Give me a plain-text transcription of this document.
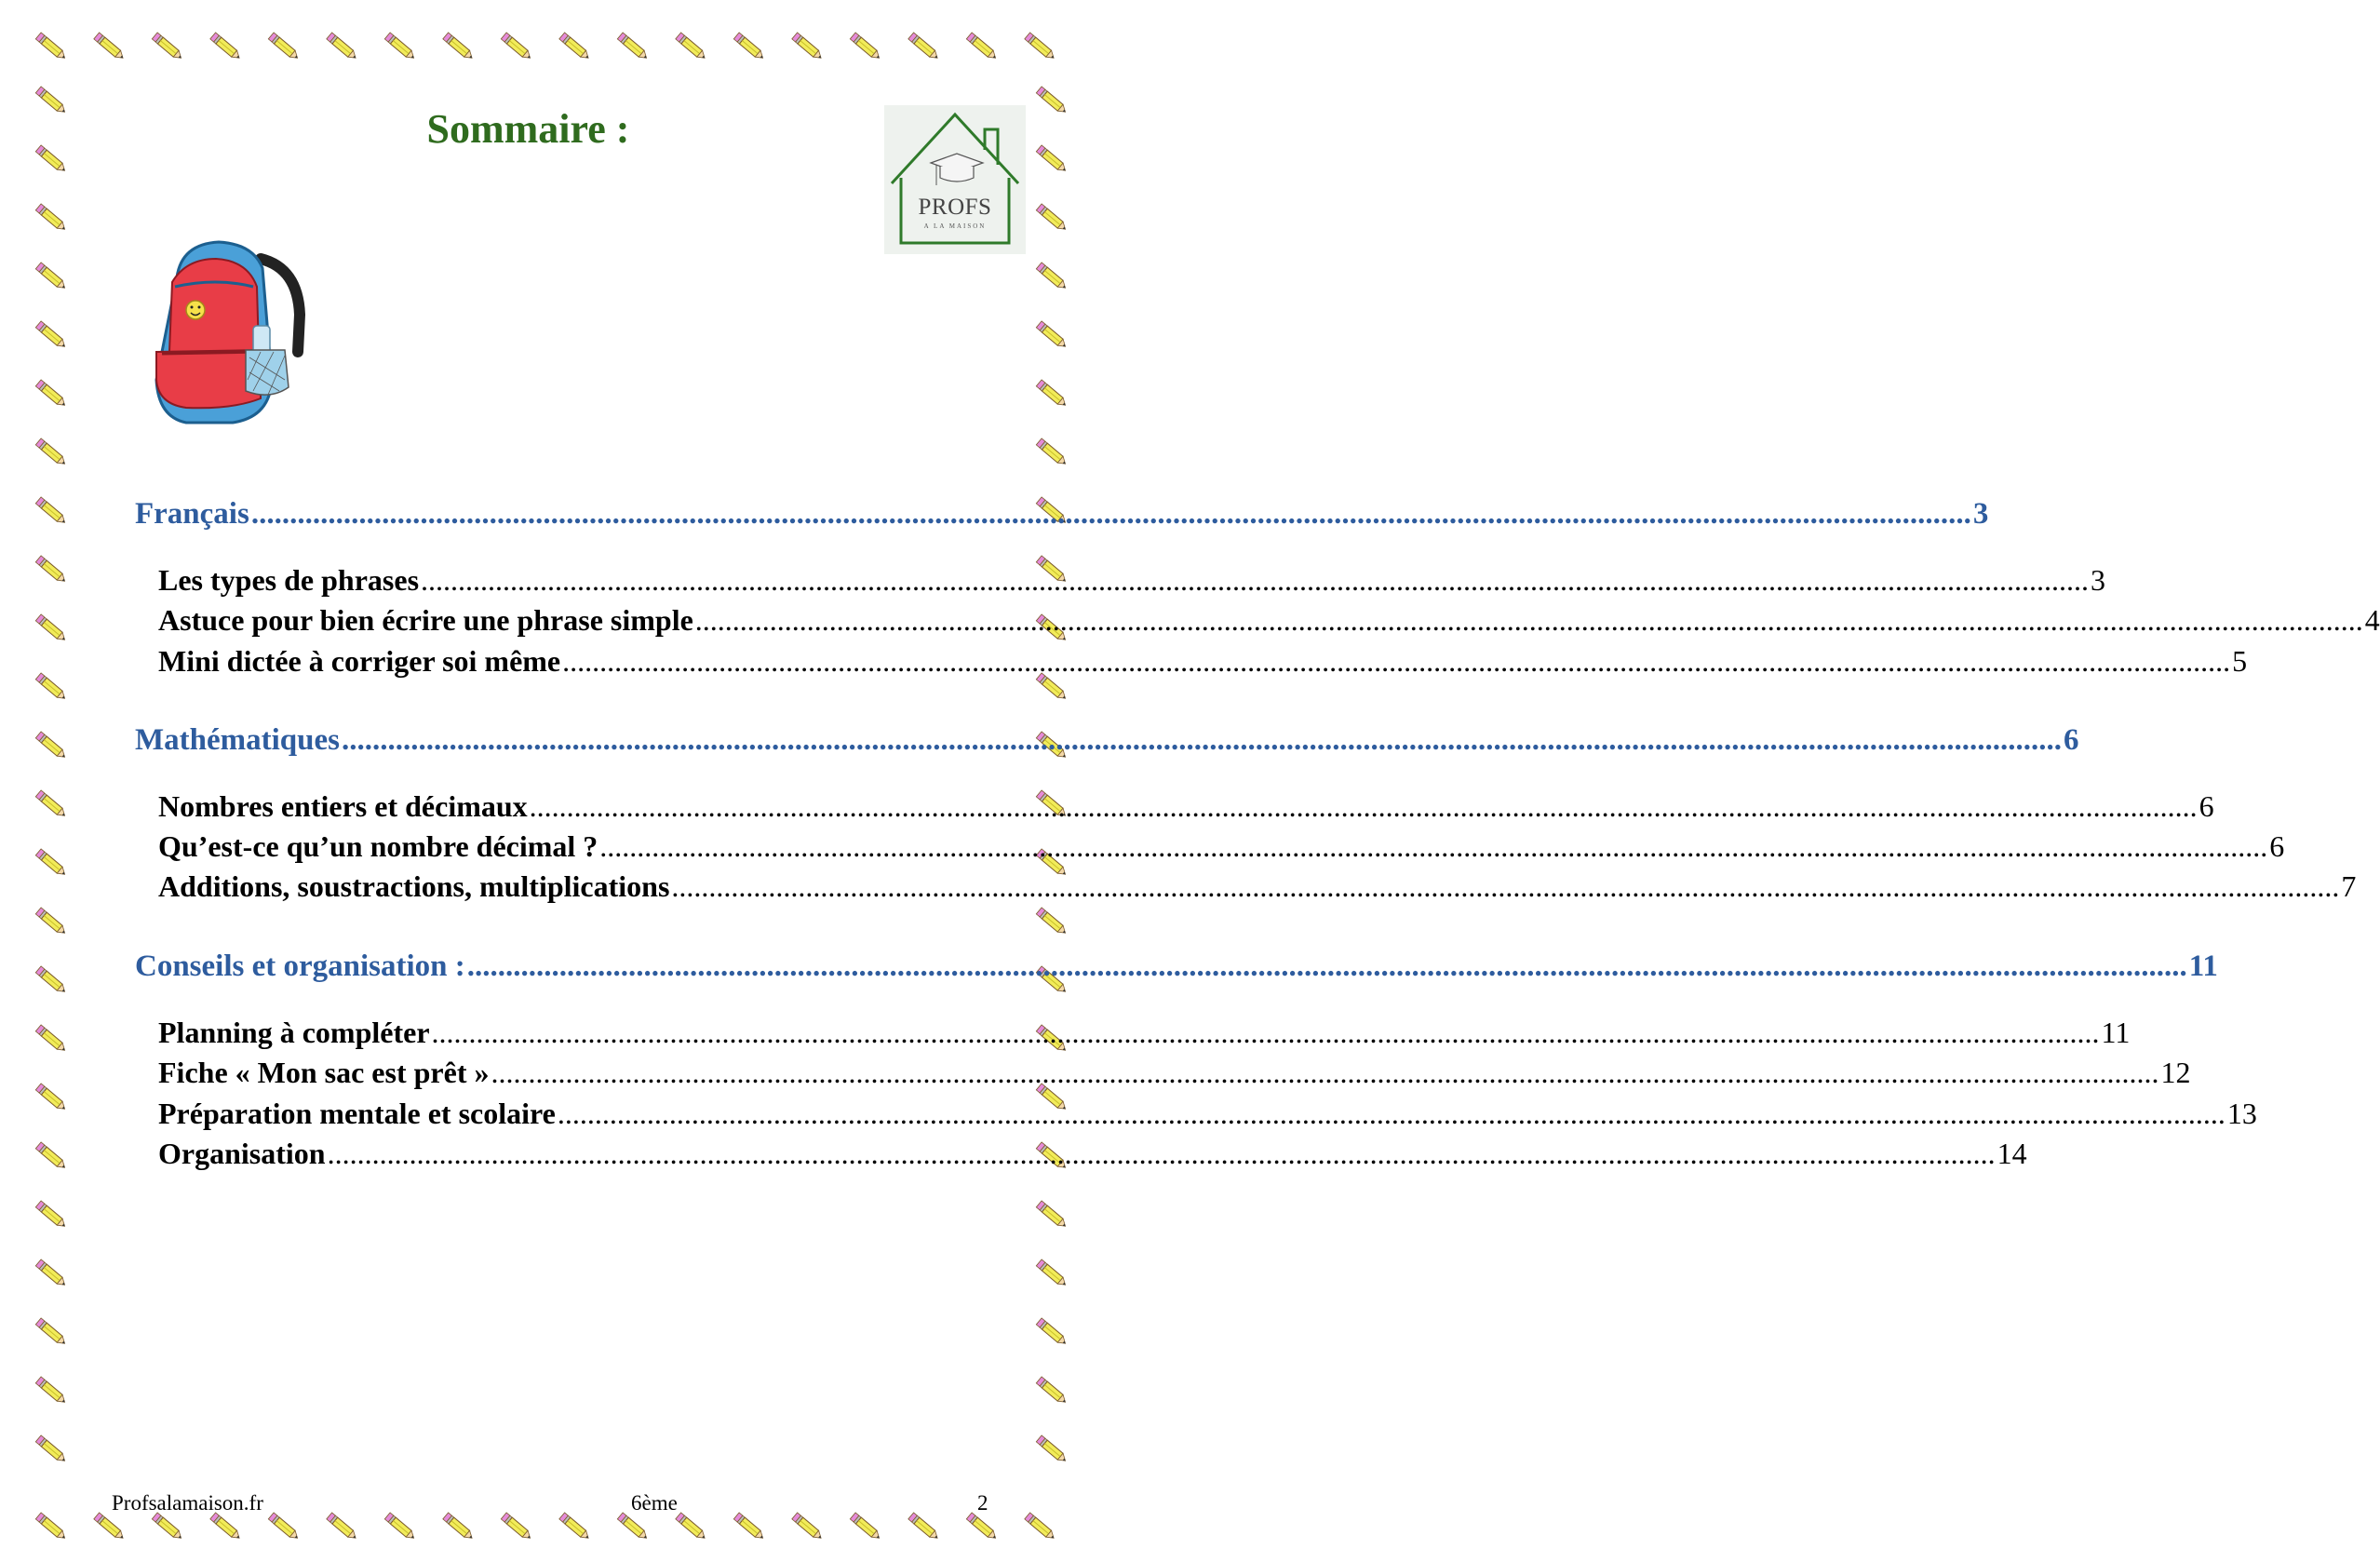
Sommaire :
PROFS
A LA MAISON
Français .....	3
Les types de phrases .....	3
Astuce pour bien écrire une phrase simple .....	4
Mini dictée à corriger soi même .....	5
Mathématiques .....	6
Nombres entiers et décimaux .....	6
Qu’est-ce qu’un nombre décimal ? .....	6
Additions, soustractions, multiplications .....	7
Conseils et organisation : .....	11
Planning à compléter .....	11
Fiche « Mon sac est prêt » .....	12
Préparation mentale et scolaire .....	13
Organisation .....	14
Profsalamaison.fr	6ème	2
